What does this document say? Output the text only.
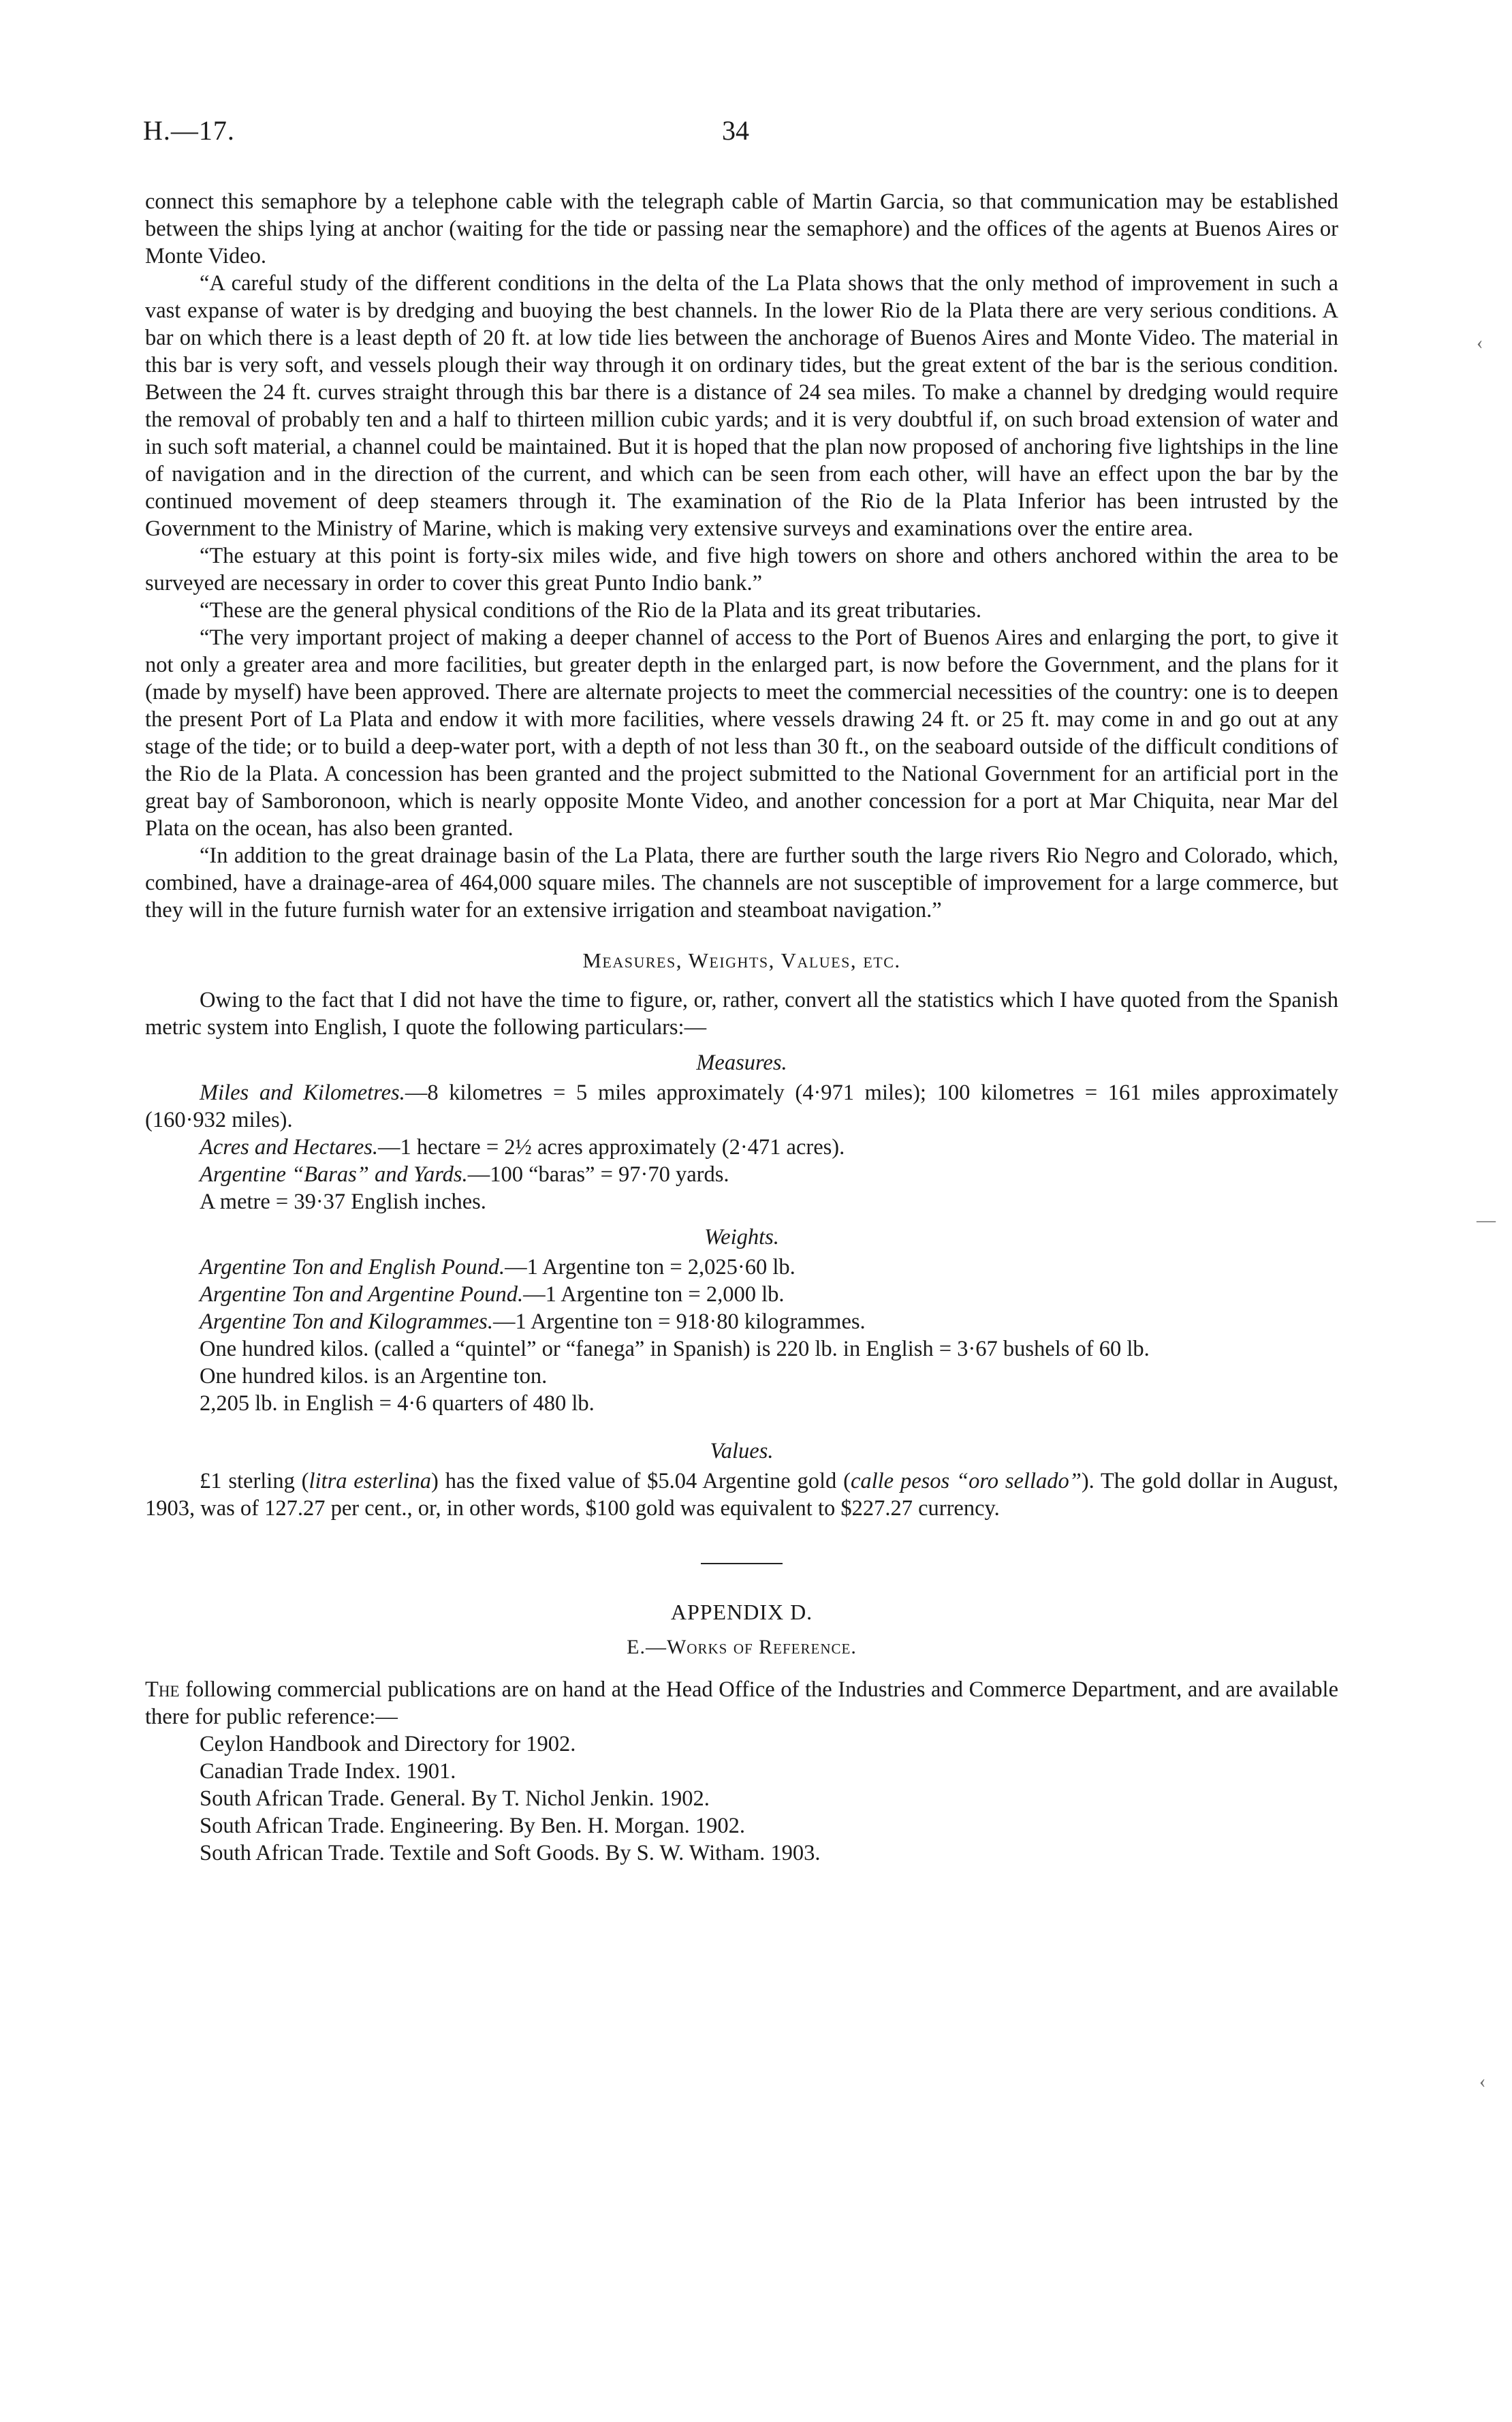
H.—17.	34

connect this semaphore by a telephone cable with the telegraph cable of Martin Garcia, so that communication may be established between the ships lying at anchor (waiting for the tide or passing near the semaphore) and the offices of the agents at Buenos Aires or Monte Video.

“A careful study of the different conditions in the delta of the La Plata shows that the only method of improvement in such a vast expanse of water is by dredging and buoying the best channels. In the lower Rio de la Plata there are very serious conditions. A bar on which there is a least depth of 20 ft. at low tide lies between the anchorage of Buenos Aires and Monte Video. The material in this bar is very soft, and vessels plough their way through it on ordinary tides, but the great extent of the bar is the serious condition. Between the 24 ft. curves straight through this bar there is a distance of 24 sea miles. To make a channel by dredging would require the removal of probably ten and a half to thirteen million cubic yards; and it is very doubtful if, on such broad extension of water and in such soft material, a channel could be maintained. But it is hoped that the plan now proposed of anchoring five lightships in the line of navigation and in the direction of the current, and which can be seen from each other, will have an effect upon the bar by the continued movement of deep steamers through it. The examination of the Rio de la Plata Inferior has been intrusted by the Government to the Ministry of Marine, which is making very extensive surveys and examinations over the entire area.

“The estuary at this point is forty-six miles wide, and five high towers on shore and others anchored within the area to be surveyed are necessary in order to cover this great Punto Indio bank.”

“These are the general physical conditions of the Rio de la Plata and its great tributaries.

“The very important project of making a deeper channel of access to the Port of Buenos Aires and enlarging the port, to give it not only a greater area and more facilities, but greater depth in the enlarged part, is now before the Government, and the plans for it (made by myself) have been approved. There are alternate projects to meet the commercial necessities of the country: one is to deepen the present Port of La Plata and endow it with more facilities, where vessels drawing 24 ft. or 25 ft. may come in and go out at any stage of the tide; or to build a deep-water port, with a depth of not less than 30 ft., on the seaboard outside of the difficult conditions of the Rio de la Plata. A concession has been granted and the project submitted to the National Government for an artificial port in the great bay of Samboronoon, which is nearly opposite Monte Video, and another concession for a port at Mar Chiquita, near Mar del Plata on the ocean, has also been granted.

“In addition to the great drainage basin of the La Plata, there are further south the large rivers Rio Negro and Colorado, which, combined, have a drainage-area of 464,000 square miles. The channels are not susceptible of improvement for a large commerce, but they will in the future furnish water for an extensive irrigation and steamboat navigation.”

Measures, Weights, Values, etc.

Owing to the fact that I did not have the time to figure, or, rather, convert all the statistics which I have quoted from the Spanish metric system into English, I quote the following particulars:—

Measures.

Miles and Kilometres.—8 kilometres = 5 miles approximately (4·971 miles); 100 kilometres = 161 miles approximately (160·932 miles).

Acres and Hectares.—1 hectare = 2½ acres approximately (2·471 acres).

Argentine “Baras” and Yards.—100 “baras” = 97·70 yards.

A metre = 39·37 English inches.

Weights.

Argentine Ton and English Pound.—1 Argentine ton = 2,025·60 lb.

Argentine Ton and Argentine Pound.—1 Argentine ton = 2,000 lb.

Argentine Ton and Kilogrammes.—1 Argentine ton = 918·80 kilogrammes.

One hundred kilos. (called a “quintel” or “fanega” in Spanish) is 220 lb. in English = 3·67 bushels of 60 lb.

One hundred kilos. is an Argentine ton.

2,205 lb. in English = 4·6 quarters of 480 lb.

Values.

£1 sterling (litra esterlina) has the fixed value of $5.04 Argentine gold (calle pesos “oro sellado”). The gold dollar in August, 1903, was of 127.27 per cent., or, in other words, $100 gold was equivalent to $227.27 currency.

APPENDIX D.
E.—Works of Reference.

The following commercial publications are on hand at the Head Office of the Industries and Commerce Department, and are available there for public reference:—

Ceylon Handbook and Directory for 1902.

Canadian Trade Index. 1901.

South African Trade. General. By T. Nichol Jenkin. 1902.

South African Trade. Engineering. By Ben. H. Morgan. 1902.

South African Trade. Textile and Soft Goods. By S. W. Witham. 1903.

‹
—
‹
